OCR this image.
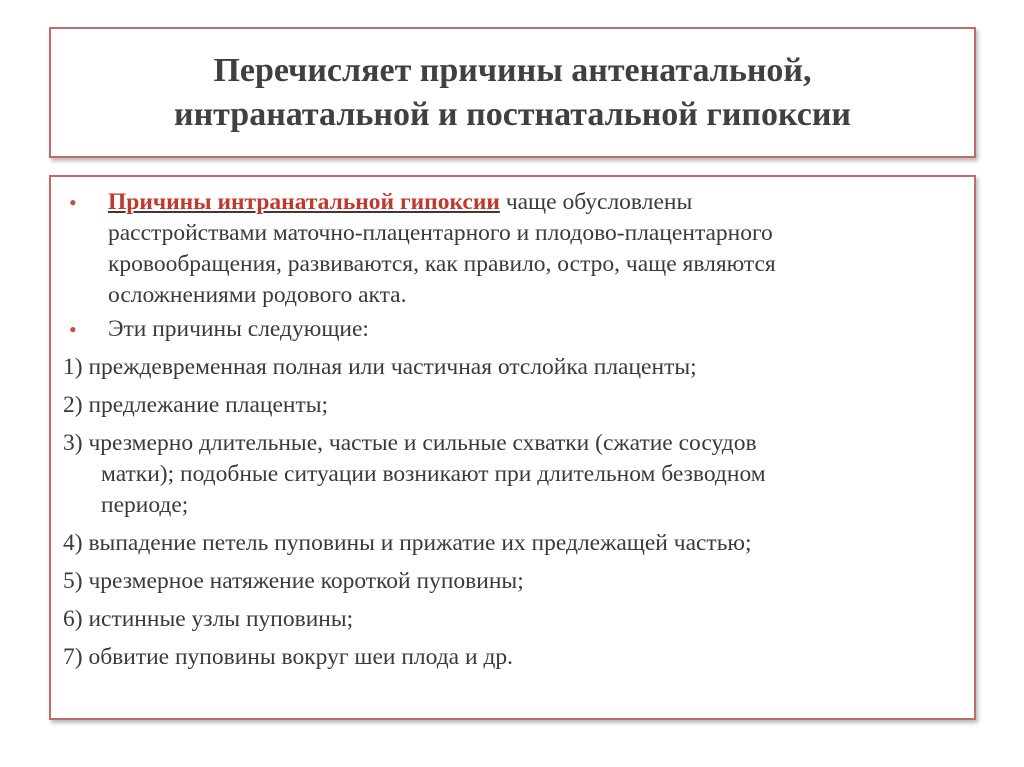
Перечисляет причины антенатальной,
интранатальной и постнатальной гипоксии
• Причины интранатальной гипоксии чаще обусловлены
расстройствами маточно-плацентарного и плодово-плацентарного
кровообращения, развиваются, как правило, остро, чаще являются
осложнениями родового акта.
• Эти причины следующие:
1) преждевременная полная или частичная отслойка плаценты;
2) предлежание плаценты;
3) чрезмерно длительные, частые и сильные схватки (сжатие сосудов
матки); подобные ситуации возникают при длительном безводном
периоде;
4) выпадение петель пуповины и прижатие их предлежащей частью;
5) чрезмерное натяжение короткой пуповины;
6) истинные узлы пуповины;
7) обвитие пуповины вокруг шеи плода и др.
